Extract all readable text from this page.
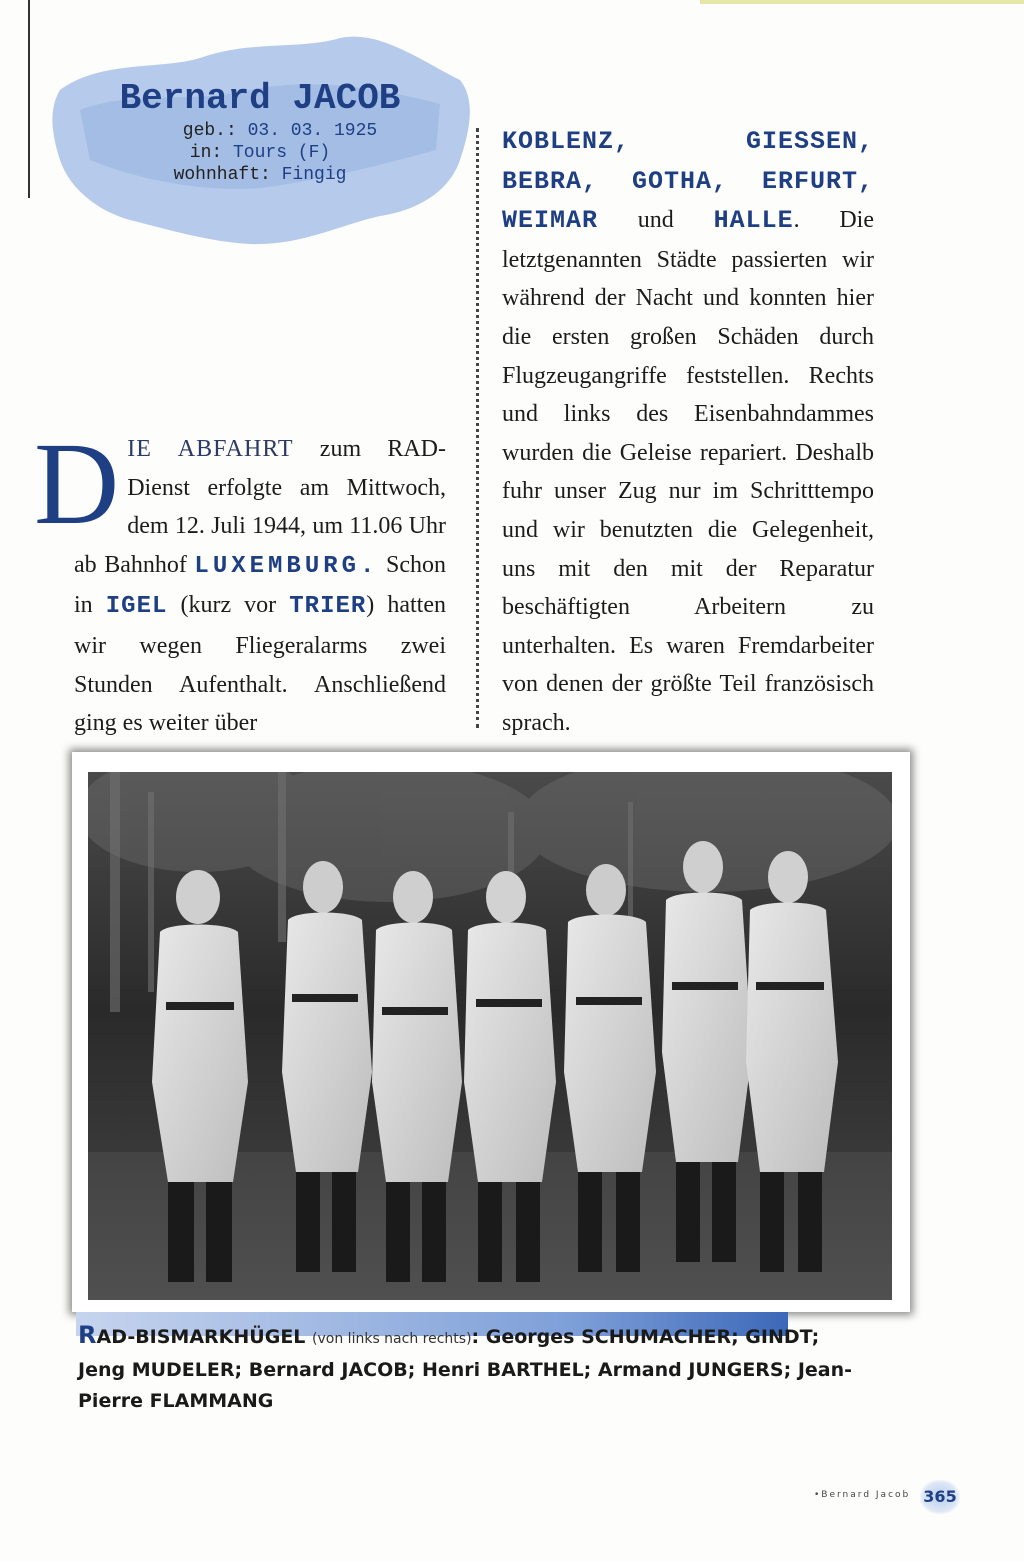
Bernard JACOB
geb.: 03. 03. 1925
in: Tours (F)
wohnhaft: Fingig
DIE ABFAHRT zum RAD-Dienst erfolgte am Mittwoch, dem 12. Juli 1944, um 11.06 Uhr ab Bahnhof LUXEMBURG. Schon in IGEL (kurz vor TRIER) hatten wir wegen Fliegeralarms zwei Stunden Aufenthalt. Anschließend ging es weiter über
KOBLENZ, GIESSEN, BEBRA, GOTHA, ERFURT, WEIMAR und HALLE. Die letztgenannten Städte passierten wir während der Nacht und konnten hier die ersten großen Schäden durch Flugzeugangriffe feststellen. Rechts und links des Eisenbahndammes wurden die Geleise repariert. Deshalb fuhr unser Zug nur im Schritttempo und wir benutzten die Gelegenheit, uns mit den mit der Reparatur beschäftigten Arbeitern zu unterhalten. Es waren Fremdarbeiter von denen der größte Teil französisch sprach.
RAD-BISMARKHÜGEL (von links nach rechts): Georges SCHUMACHER; GINDT; Jeng MUDELER; Bernard JACOB; Henri BARTHEL; Armand JUNGERS; Jean-Pierre FLAMMANG
•Bernard Jacob 365
